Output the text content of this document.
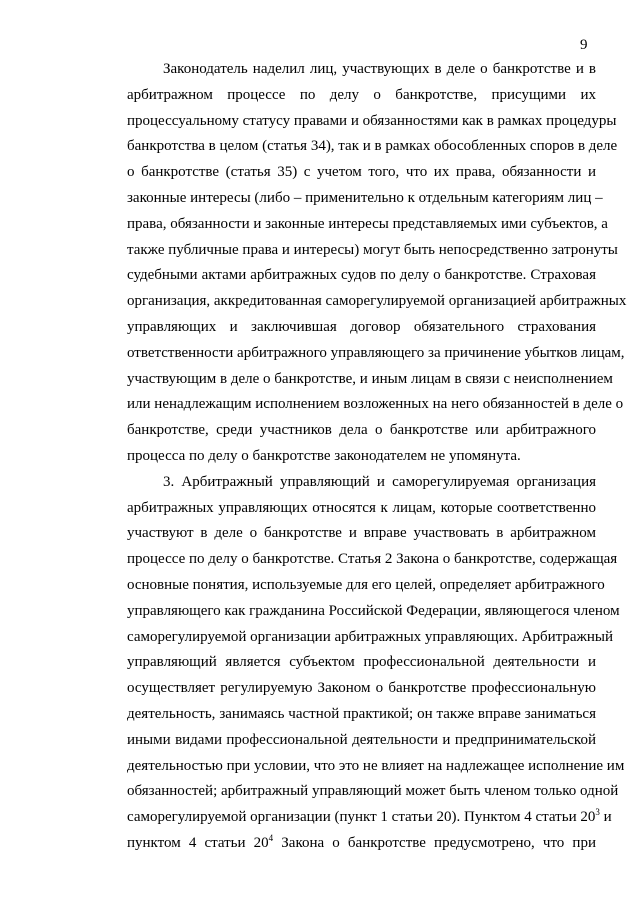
9
Законодатель наделил лиц, участвующих в деле о банкротстве и в
арбитражном процессе по делу о банкротстве, присущими их
процессуальному статусу правами и обязанностями как в рамках процедуры
банкротства в целом (статья 34), так и в рамках обособленных споров в деле
о банкротстве (статья 35) с учетом того, что их права, обязанности и
законные интересы (либо – применительно к отдельным категориям лиц –
права, обязанности и законные интересы представляемых ими субъектов, а
также публичные права и интересы) могут быть непосредственно затронуты
судебными актами арбитражных судов по делу о банкротстве. Страховая
организация, аккредитованная саморегулируемой организацией арбитражных
управляющих и заключившая договор обязательного страхования
ответственности арбитражного управляющего за причинение убытков лицам,
участвующим в деле о банкротстве, и иным лицам в связи с неисполнением
или ненадлежащим исполнением возложенных на него обязанностей в деле о
банкротстве, среди участников дела о банкротстве или арбитражного
процесса по делу о банкротстве законодателем не упомянута.
3. Арбитражный управляющий и саморегулируемая организация
арбитражных управляющих относятся к лицам, которые соответственно
участвуют в деле о банкротстве и вправе участвовать в арбитражном
процессе по делу о банкротстве. Статья 2 Закона о банкротстве, содержащая
основные понятия, используемые для его целей, определяет арбитражного
управляющего как гражданина Российской Федерации, являющегося членом
саморегулируемой организации арбитражных управляющих. Арбитражный
управляющий является субъектом профессиональной деятельности и
осуществляет регулируемую Законом о банкротстве профессиональную
деятельность, занимаясь частной практикой; он также вправе заниматься
иными видами профессиональной деятельности и предпринимательской
деятельностью при условии, что это не влияет на надлежащее исполнение им
обязанностей; арбитражный управляющий может быть членом только одной
саморегулируемой организации (пункт 1 статьи 20). Пунктом 4 статьи $20^3$ и
пунктом 4 статьи $20^4$ Закона о банкротстве предусмотрено, что при
